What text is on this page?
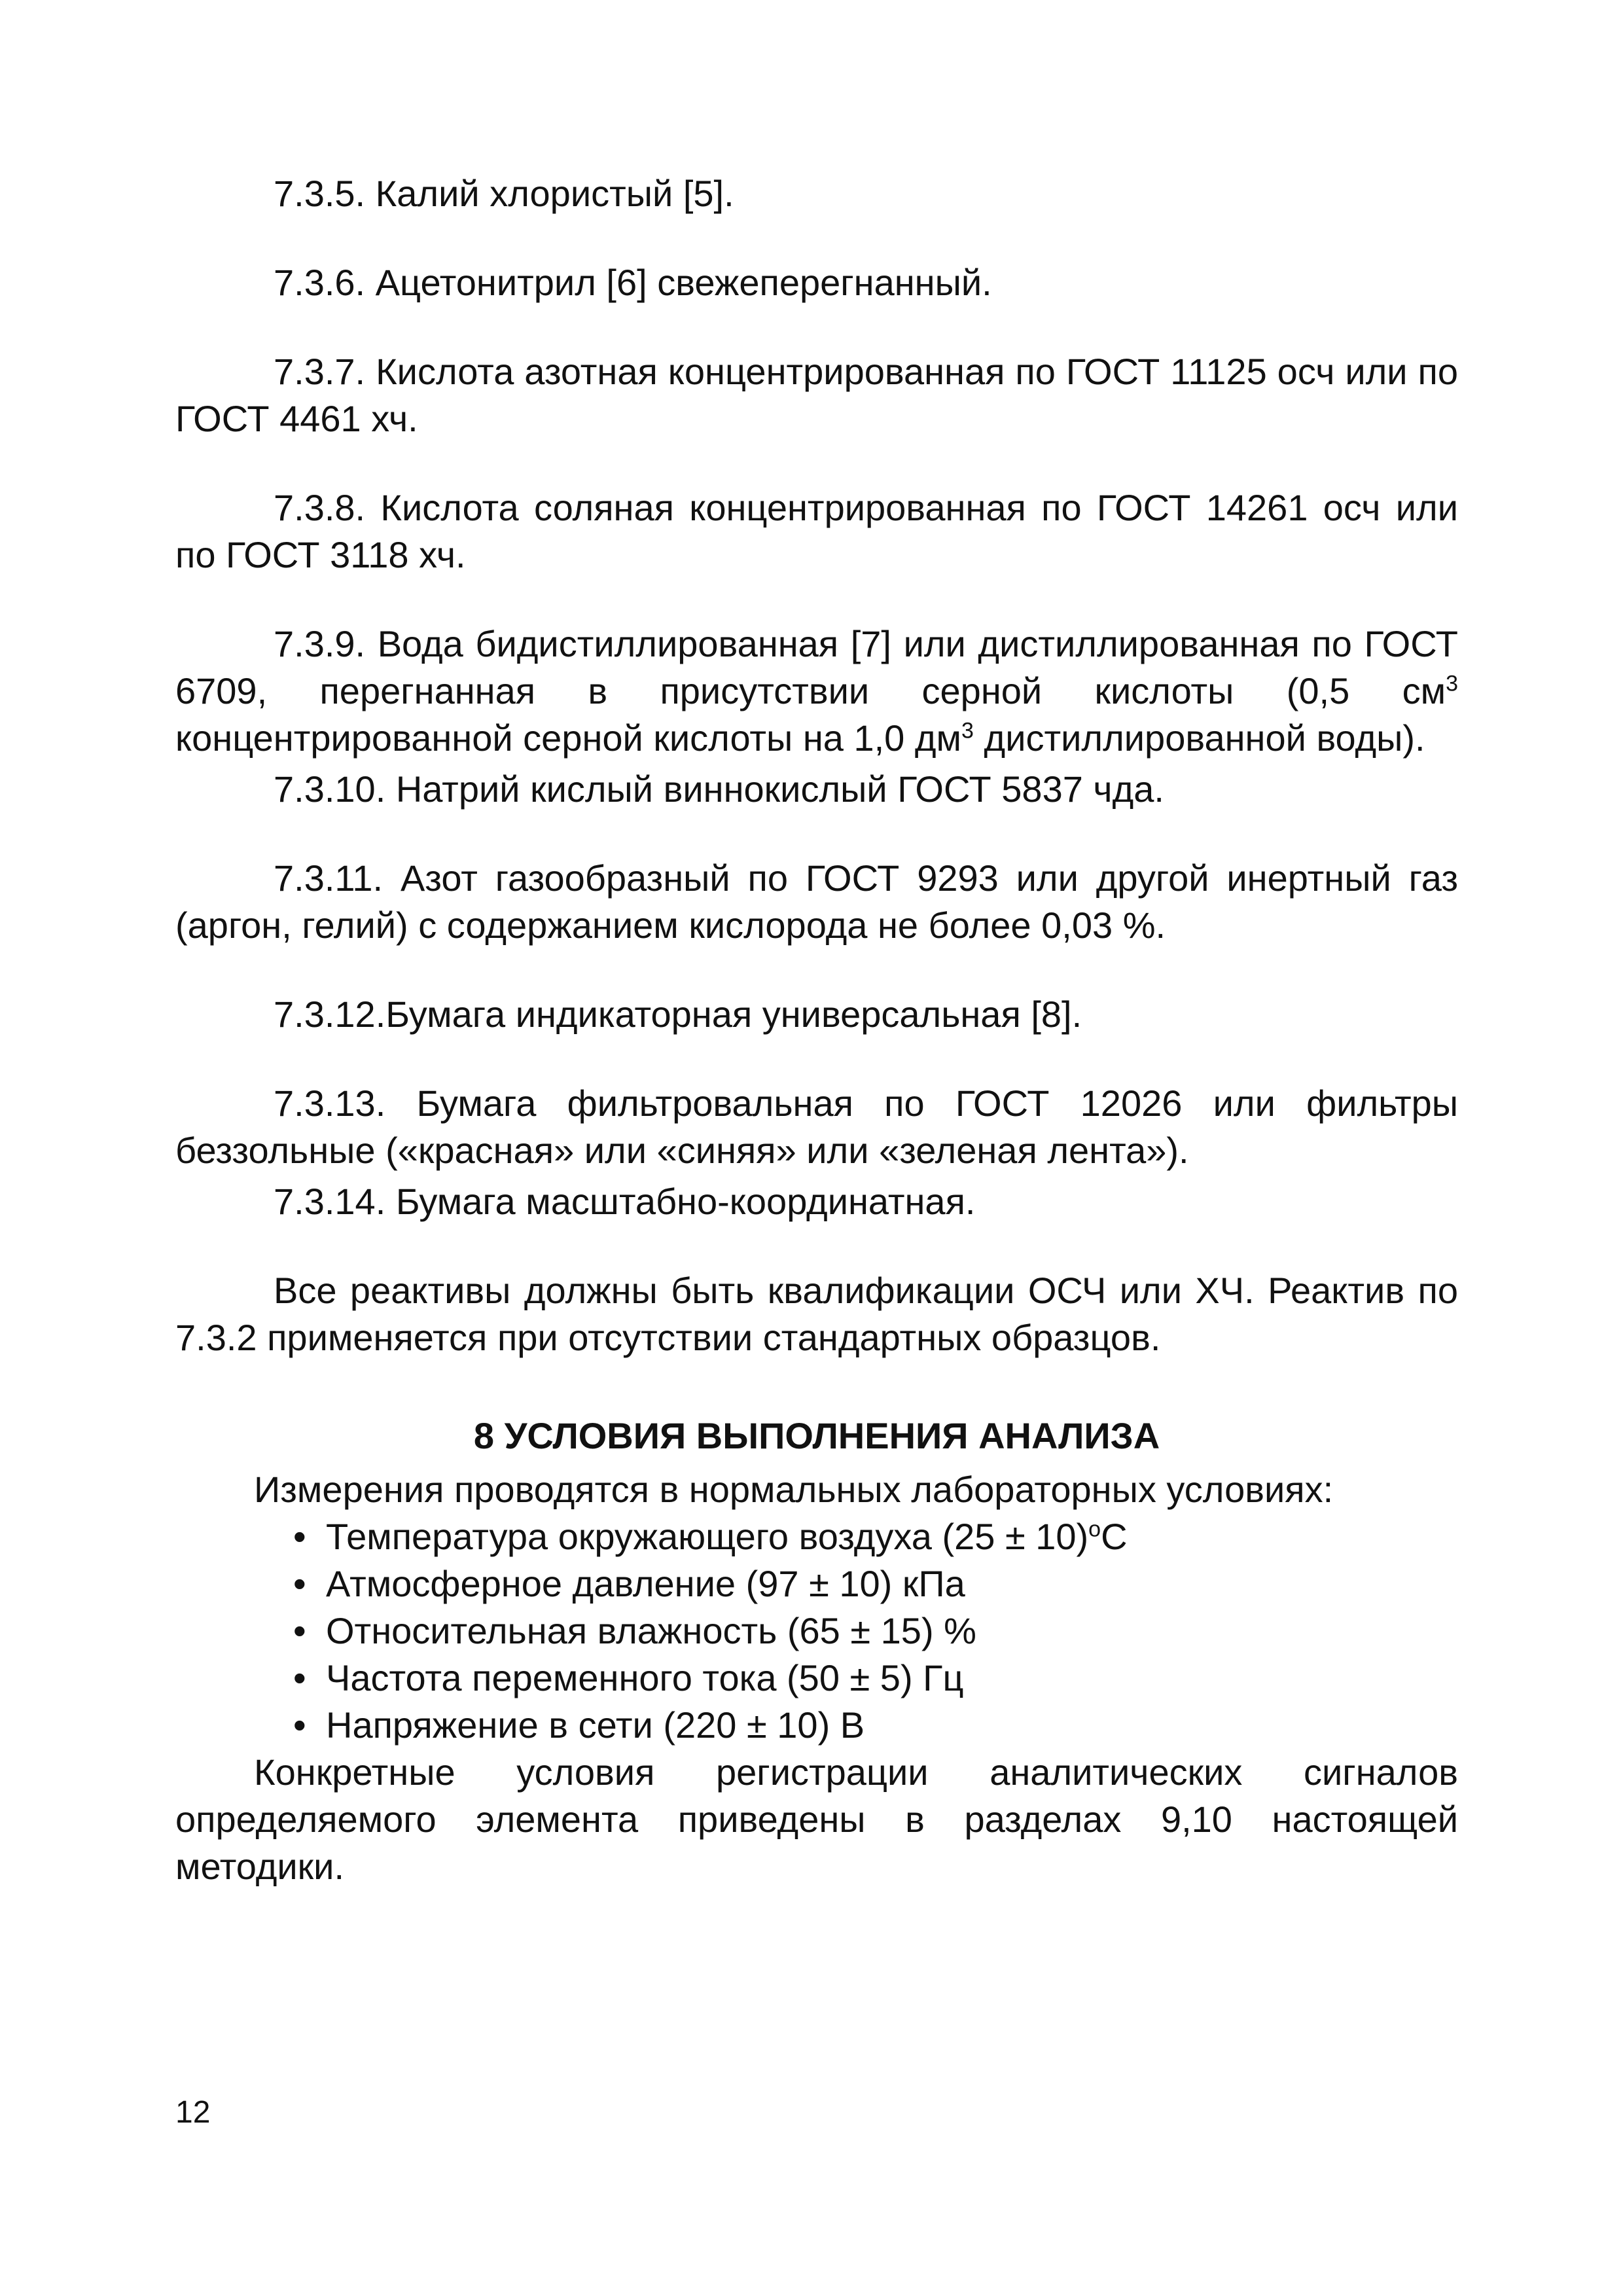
7.3.5. Калий хлористый [5].

7.3.6. Ацетонитрил [6] свежеперегнанный.

7.3.7. Кислота азотная концентрированная по ГОСТ 11125 осч или по ГОСТ 4461 хч.

7.3.8. Кислота соляная концентрированная по ГОСТ 14261 осч или по ГОСТ 3118 хч.

7.3.9. Вода бидистиллированная [7] или дистиллированная по ГОСТ 6709, перегнанная в присутствии серной кислоты (0,5 $см^3$ концентрированной серной кислоты на 1,0 $дм^3$ дистиллированной воды).

7.3.10. Натрий кислый виннокислый ГОСТ 5837 чда.

7.3.11. Азот газообразный по ГОСТ 9293 или другой инертный газ (аргон, гелий) с содержанием кислорода не более 0,03 %.

7.3.12.Бумага индикаторная универсальная [8].

7.3.13. Бумага фильтровальная по ГОСТ 12026 или фильтры беззольные («красная» или «синяя» или «зеленая лента»).

7.3.14. Бумага масштабно-координатная.

Все реактивы должны быть квалификации ОСЧ или ХЧ. Реактив по 7.3.2 применяется при отсутствии стандартных образцов.

8 УСЛОВИЯ ВЫПОЛНЕНИЯ АНАЛИЗА

Измерения проводятся в нормальных лабораторных условиях:

• Температура окружающего воздуха $(25 \pm 10)^оС$
• Атмосферное давление (97 ± 10) кПа
• Относительная влажность (65 ± 15) %
• Частота переменного тока (50 ± 5) Гц
• Напряжение в сети (220 ± 10) В

Конкретные условия регистрации аналитических сигналов определяемого элемента приведены в разделах 9,10 настоящей методики.

12
